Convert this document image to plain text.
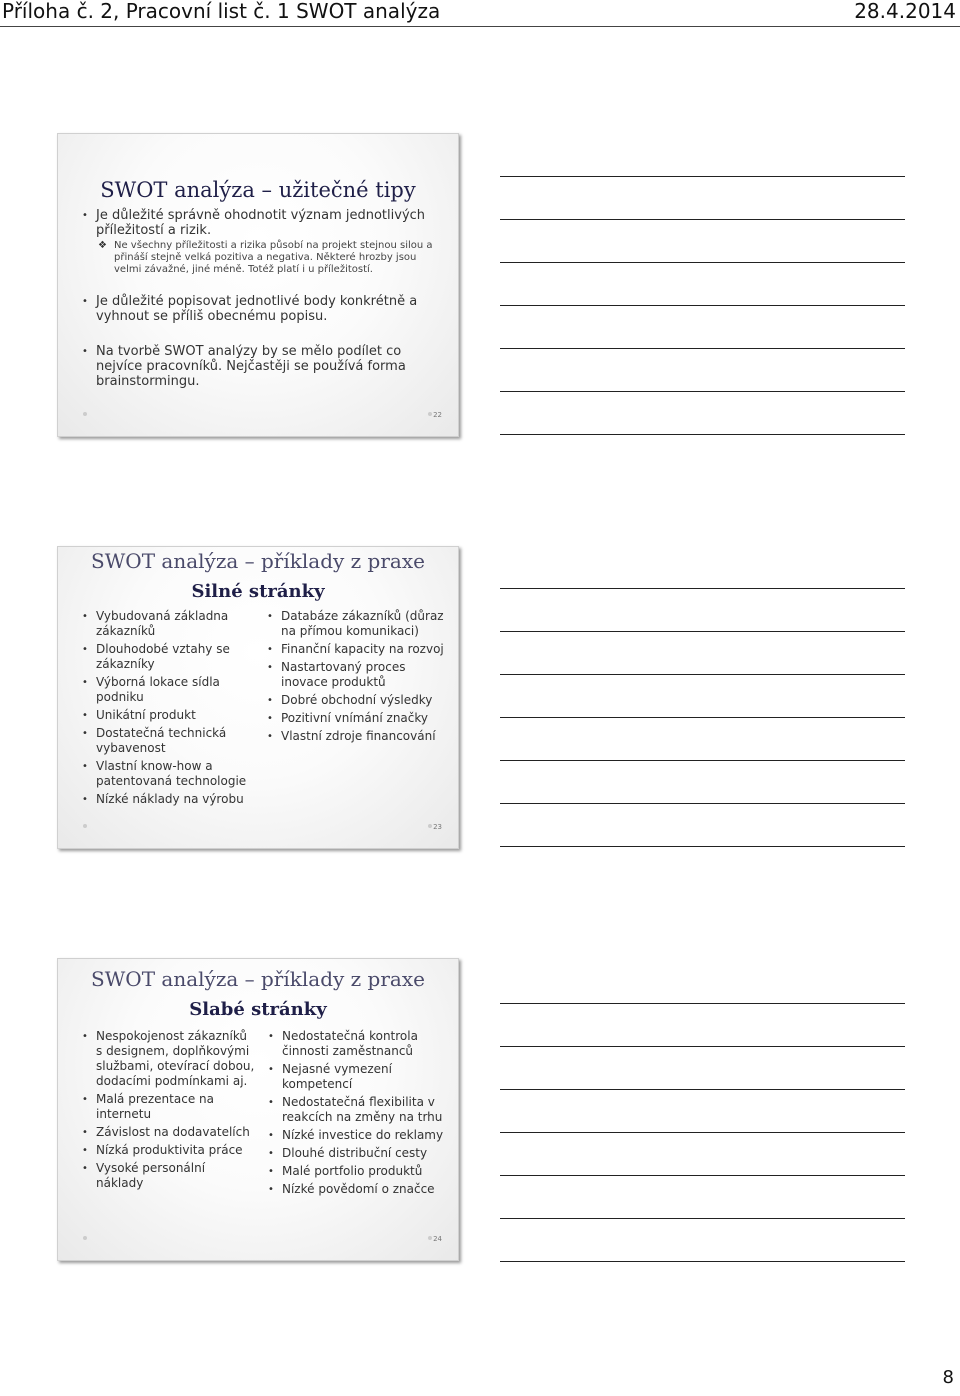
Příloha č. 2, Pracovní list č. 1 SWOT analýza	28.4.2014
SWOT analýza – užitečné tipy
• Je důležité správně ohodnotit význam jednotlivých příležitostí a rizik.
❖ Ne všechny příležitosti a rizika působí na projekt stejnou silou a přináší stejně velká pozitiva a negativa. Některé hrozby jsou velmi závažné, jiné méně. Totéž platí i u příležitostí.
• Je důležité popisovat jednotlivé body konkrétně a vyhnout se příliš obecnému popisu.
• Na tvorbě SWOT analýzy by se mělo podílet co nejvíce pracovníků. Nejčastěji se používá forma brainstormingu.
22
SWOT analýza – příklady z praxe
Silné stránky
• Vybudovaná základna zákazníků
• Dlouhodobé vztahy se zákazníky
• Výborná lokace sídla podniku
• Unikátní produkt
• Dostatečná technická vybavenost
• Vlastní know-how a patentovaná technologie
• Nízké náklady na výrobu
• Databáze zákazníků (důraz na přímou komunikaci)
• Finanční kapacity na rozvoj
• Nastartovaný proces inovace produktů
• Dobré obchodní výsledky
• Pozitivní vnímání značky
• Vlastní zdroje financování
23
SWOT analýza – příklady z praxe
Slabé stránky
• Nespokojenost zákazníků s designem, doplňkovými službami, otevírací dobou, dodacími podmínkami aj.
• Malá prezentace na internetu
• Závislost na dodavatelích
• Nízká produktivita práce
• Vysoké personální náklady
• Nedostatečná kontrola činnosti zaměstnanců
• Nejasné vymezení kompetencí
• Nedostatečná flexibilita v reakcích na změny na trhu
• Nízké investice do reklamy
• Dlouhé distribuční cesty
• Malé portfolio produktů
• Nízké povědomí o značce
24
8
